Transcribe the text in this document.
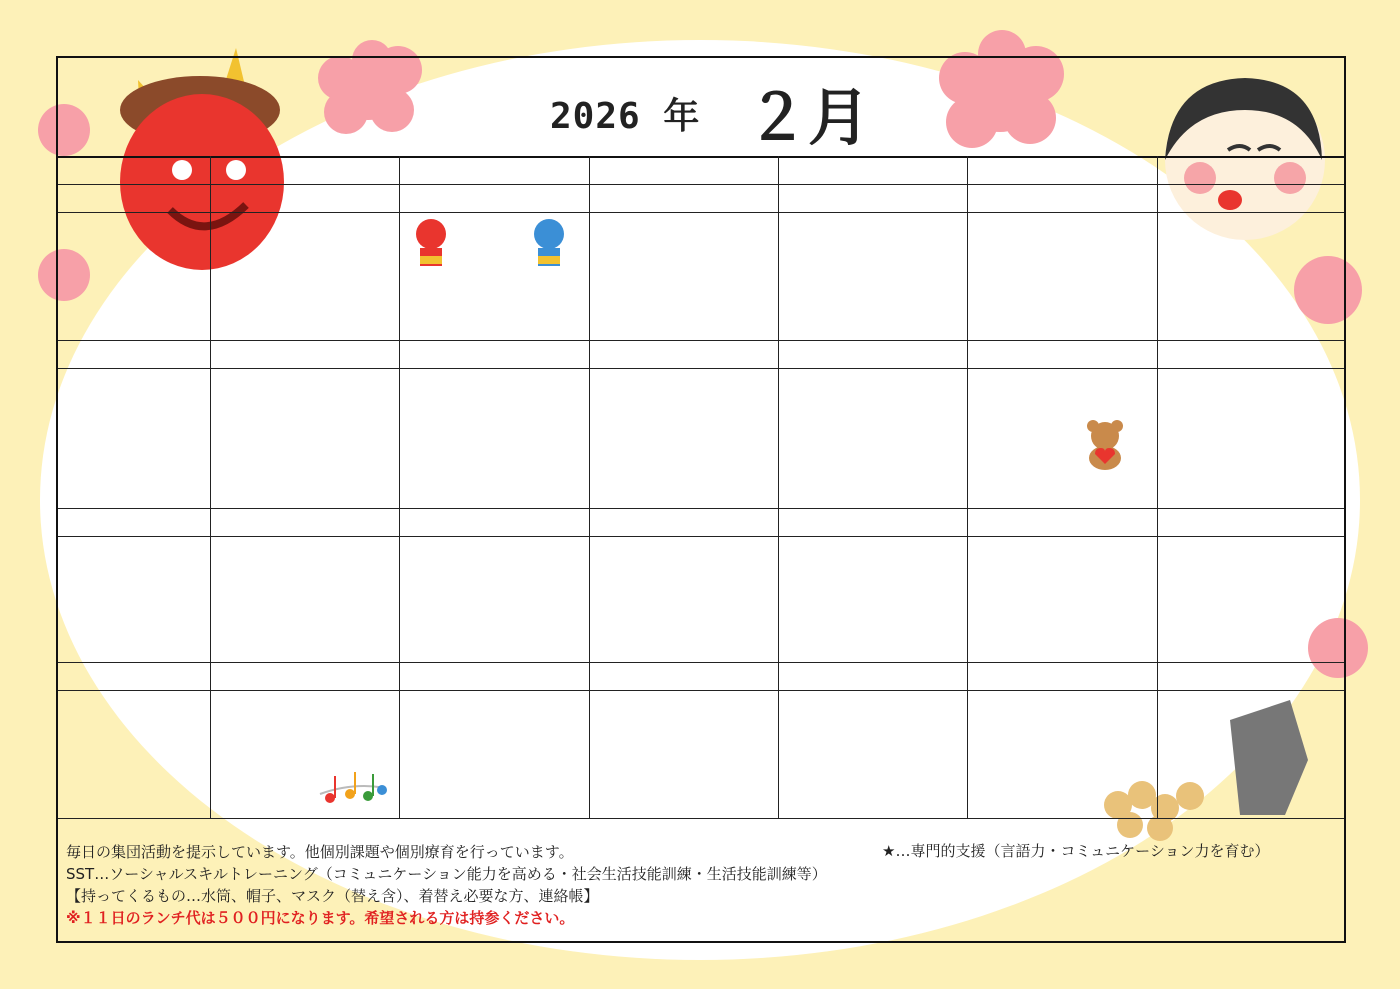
2026 年 ２月
毎日の集団活動を提示しています。他個別課題や個別療育を行っています。
SST…ソーシャルスキルトレーニング（コミュニケーション能力を高める・社会生活技能訓練・生活技能訓練等）
【持ってくるもの…水筒、帽子、マスク（替え含）、着替え必要な方、連絡帳】
※１１日のランチ代は５００円になります。希望される方は持参ください。
★…専門的支援（言語力・コミュニケーション力を育む）
